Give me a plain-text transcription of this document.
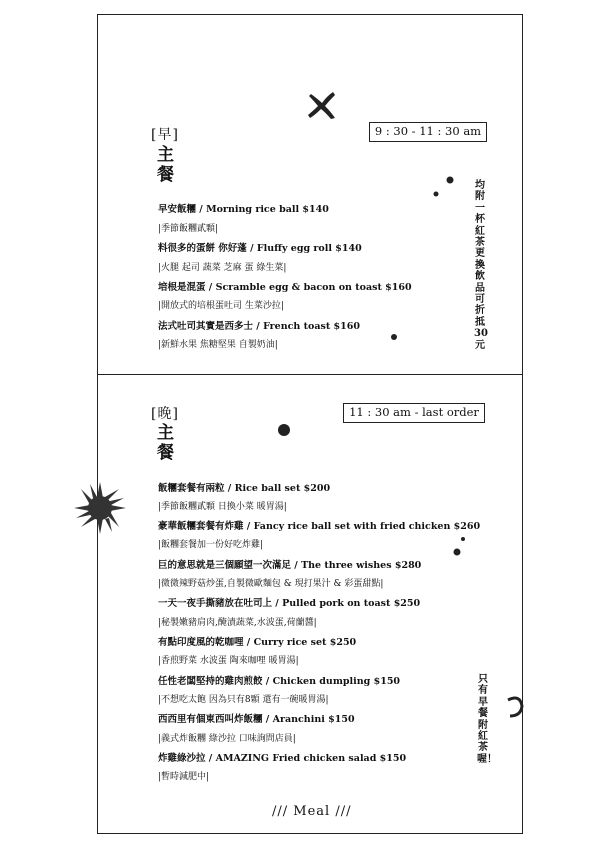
[早]
主
餐
9 : 30 - 11 : 30 am
早安飯糰 / Morning rice ball $140
|季節飯糰貳顆|
料很多的蛋餅 你好蓬 / Fluffy egg roll $140
|火腿 起司 蔬菜 芝麻 蛋 綠生菜|
培根是混蛋 / Scramble egg & bacon on toast $160
|開放式的培根蛋吐司 生菜沙拉|
法式吐司其實是西多士 / French toast $160
|新鮮水果 焦糖堅果 自製奶油|
均附一杯紅茶 更換飲品可折抵 30元
[晚]
主
餐
11 : 30 am - last order
飯糰套餐有兩粒 / Rice ball set $200
|季節飯糰貳顆 日換小菜 暖胃湯|
豪華飯糰套餐有炸雞 / Fancy rice ball set with fried chicken $260
|飯糰套餐加一份好吃炸雞|
巨的意思就是三個願望一次滿足 / The three wishes $280
|微微辣野菇炒蛋,自製微歐麵包 & 現打果汁 & 彩蛋甜點|
一天一夜手撕豬放在吐司上 / Pulled pork on toast $250
|秘製嫩豬肩肉,醃漬蔬菜,水波蛋,荷蘭醬|
有點印度風的乾咖哩 / Curry rice set $250
|香煎野菜 水波蛋 陶來咖哩 暖胃湯|
任性老闆堅持的雞肉煎餃 / Chicken dumpling $150
|不想吃太飽 因為只有8顆 還有一碗暖胃湯|
西西里有個東西叫炸飯糰 / Aranchini $150
|義式炸飯糰 綠沙拉 口味詢問店員|
炸雞綠沙拉 / AMAZING Fried chicken salad $150
|暫時減肥中|
只有早餐附紅茶喔！
/// Meal ///
